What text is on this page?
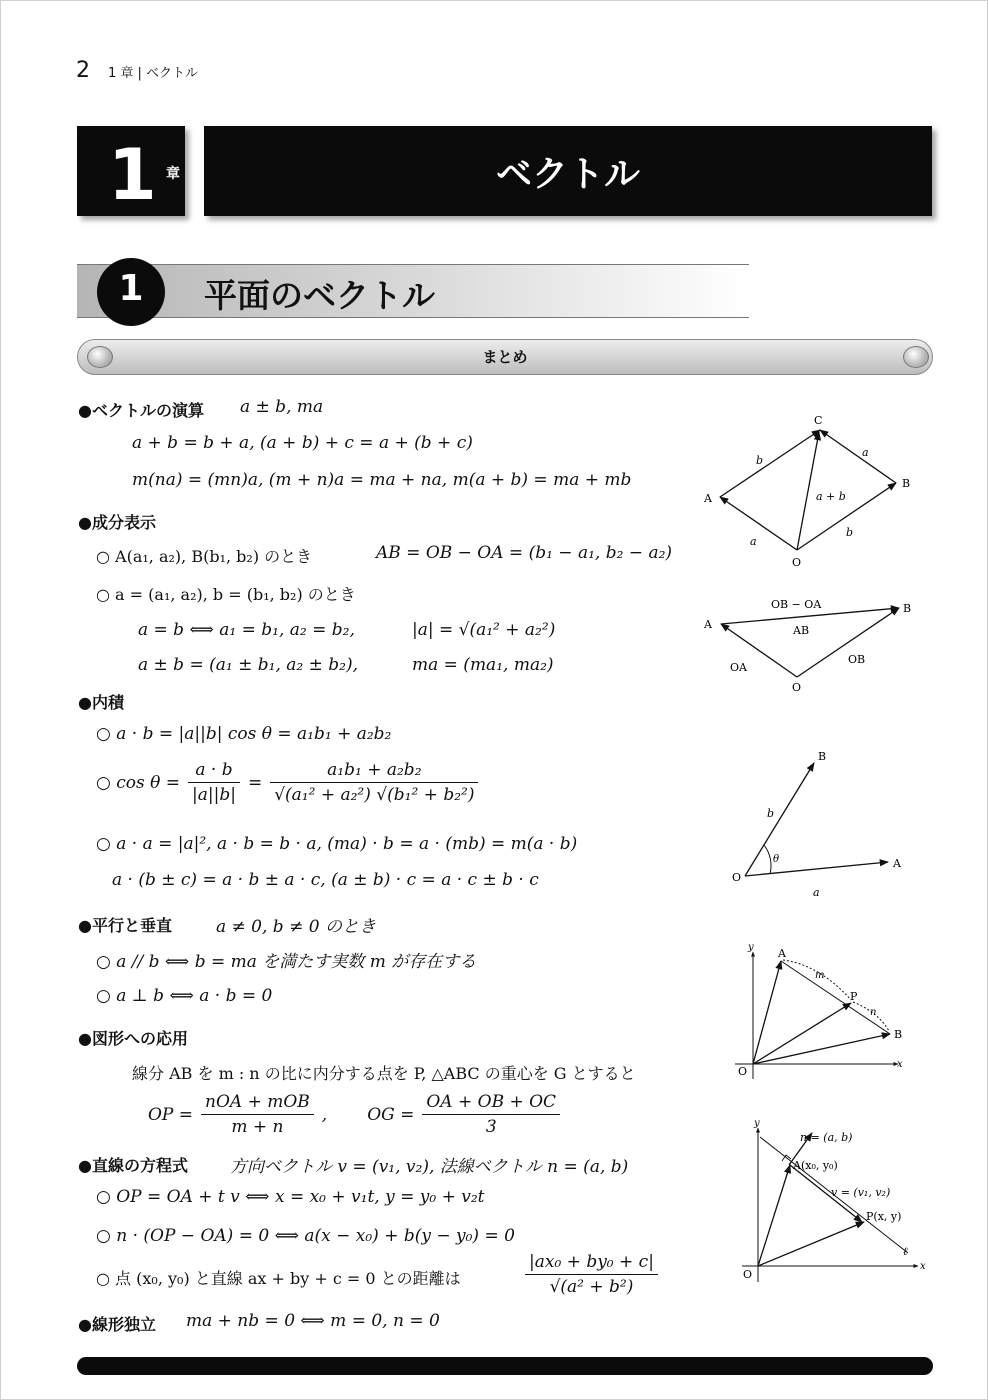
2 1 章 | ベクトル
1 章	ベクトル
1	平面のベクトル
まとめ
●ベクトルの演算 a ± b, ma
a + b = b + a, (a + b) + c = a + (b + c)
m(na) = (mn)a, (m + n)a = ma + na, m(a + b) = ma + mb
●成分表示
○ A(a₁, a₂), B(b₁, b₂) のとき	AB = OB − OA = (b₁ − a₁, b₂ − a₂)
○ a = (a₁, a₂), b = (b₁, b₂) のとき
a = b ⟺ a₁ = b₁, a₂ = b₂,	|a| = √(a₁² + a₂²)
a ± b = (a₁ ± b₁, a₂ ± b₂),	ma = (ma₁, ma₂)
●内積
○ a · b = |a||b| cos θ = a₁b₁ + a₂b₂
○ $\cos \theta = \frac{a \cdot b}{|a||b|} = \frac{\text{a₁b₁ + a₂b₂}}{\text{√(a₁² + a₂²) √(b₁² + b₂²)}}$
○ a · a = |a|², a · b = b · a, (ma) · b = a · (mb) = m(a · b)
a · (b ± c) = a · b ± a · c, (a ± b) · c = a · c ± b · c
●平行と垂直	a ≠ 0, b ≠ 0 のとき
○ a // b ⟺ b = ma を満たす実数 m が存在する
○ a ⊥ b ⟺ a · b = 0
●図形への応用
線分 AB を m : n の比に内分する点を P, △ABC の重心を G とすると
OP = $\frac{\text{nOA + mOB}}{m + n}$ , OG = $\frac{OA + OB + OC}{3}$
●直線の方程式 方向ベクトル v = (v₁, v₂), 法線ベクトル n = (a, b)
○ OP = OA + t v ⟺ x = x₀ + v₁t, y = y₀ + v₂t
○ n · (OP − OA) = 0 ⟺ a(x − x₀) + b(y − y₀) = 0
○ 点 (x₀, y₀) と直線 ax + by + c = 0 との距離は	$\frac{\text{|ax₀ + by₀ + c|}}{\text{√(a² + b²)}}$
●線形独立 ma + nb = 0 ⟺ m = 0, n = 0
C
A
B
O
b
a
a + b
a
b
A
B
O
OB − OA
AB
OA
OB
B
A
O
b
a
θ
y
x
A
P
B
O
m
n
y
x
O
n = (a, b)
A(x₀, y₀)
v = (v₁, v₂)
P(x, y)
ℓ
